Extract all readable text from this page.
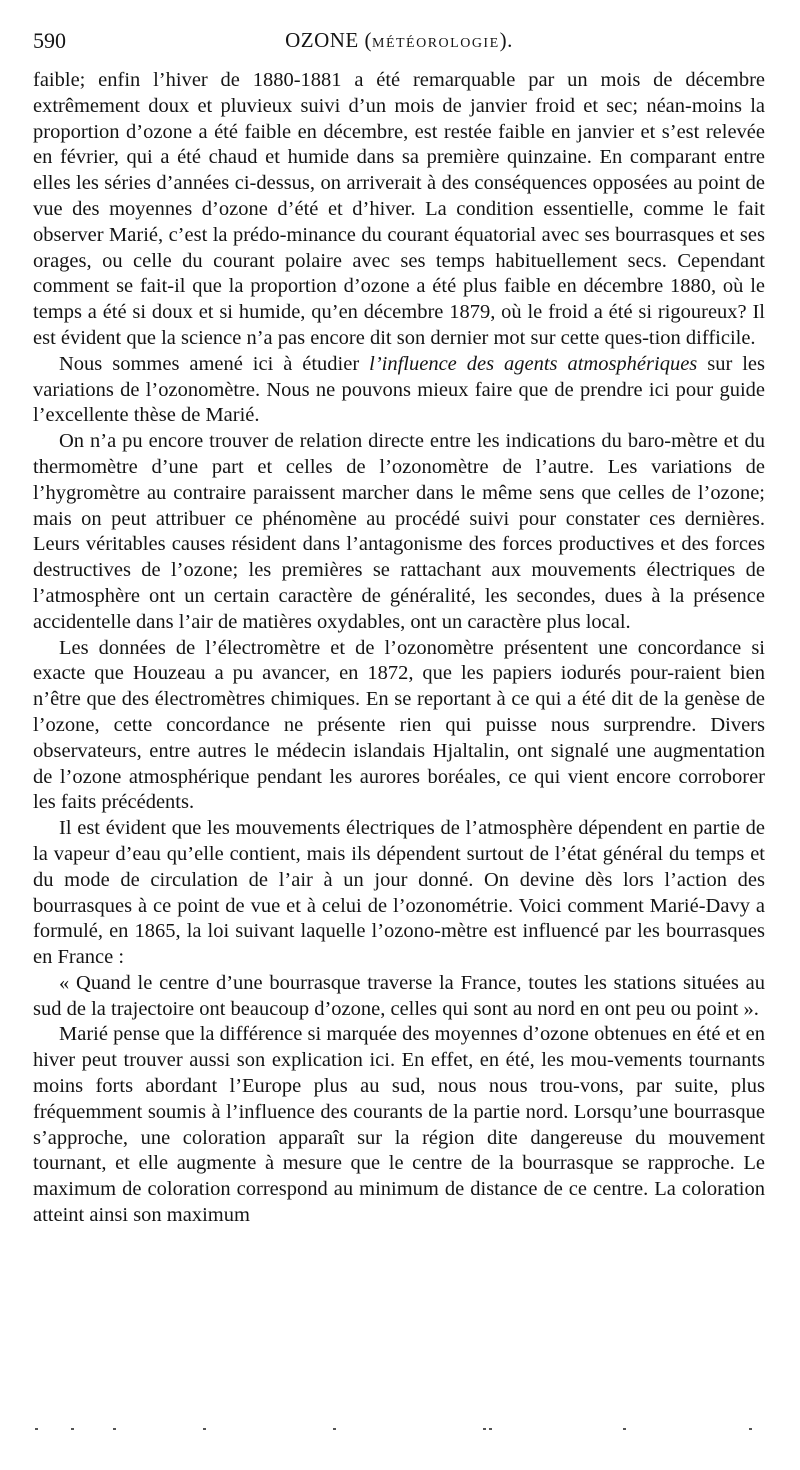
590	OZONE (MÉTÉOROLOGIE).

faible; enfin l’hiver de 1880-1881 a été remarquable par un mois de décembre extrêmement doux et pluvieux suivi d’un mois de janvier froid et sec; néan-moins la proportion d’ozone a été faible en décembre, est restée faible en janvier et s’est relevée en février, qui a été chaud et humide dans sa première quinzaine. En comparant entre elles les séries d’années ci-dessus, on arriverait à des conséquences opposées au point de vue des moyennes d’ozone d’été et d’hiver. La condition essentielle, comme le fait observer Marié, c’est la prédo-minance du courant équatorial avec ses bourrasques et ses orages, ou celle du courant polaire avec ses temps habituellement secs. Cependant comment se fait-il que la proportion d’ozone a été plus faible en décembre 1880, où le temps a été si doux et si humide, qu’en décembre 1879, où le froid a été si rigoureux? Il est évident que la science n’a pas encore dit son dernier mot sur cette ques-tion difficile.

Nous sommes amené ici à étudier l’influence des agents atmosphériques sur les variations de l’ozonomètre. Nous ne pouvons mieux faire que de prendre ici pour guide l’excellente thèse de Marié.

On n’a pu encore trouver de relation directe entre les indications du baro-mètre et du thermomètre d’une part et celles de l’ozonomètre de l’autre. Les variations de l’hygromètre au contraire paraissent marcher dans le même sens que celles de l’ozone; mais on peut attribuer ce phénomène au procédé suivi pour constater ces dernières. Leurs véritables causes résident dans l’antagonisme des forces productives et des forces destructives de l’ozone; les premières se rattachant aux mouvements électriques de l’atmosphère ont un certain caractère de généralité, les secondes, dues à la présence accidentelle dans l’air de matières oxydables, ont un caractère plus local.

Les données de l’électromètre et de l’ozonomètre présentent une concordance si exacte que Houzeau a pu avancer, en 1872, que les papiers iodurés pour-raient bien n’être que des électromètres chimiques. En se reportant à ce qui a été dit de la genèse de l’ozone, cette concordance ne présente rien qui puisse nous surprendre. Divers observateurs, entre autres le médecin islandais Hjaltalin, ont signalé une augmentation de l’ozone atmosphérique pendant les aurores boréales, ce qui vient encore corroborer les faits précédents.

Il est évident que les mouvements électriques de l’atmosphère dépendent en partie de la vapeur d’eau qu’elle contient, mais ils dépendent surtout de l’état général du temps et du mode de circulation de l’air à un jour donné. On devine dès lors l’action des bourrasques à ce point de vue et à celui de l’ozonométrie. Voici comment Marié-Davy a formulé, en 1865, la loi suivant laquelle l’ozono-mètre est influencé par les bourrasques en France :

« Quand le centre d’une bourrasque traverse la France, toutes les stations situées au sud de la trajectoire ont beaucoup d’ozone, celles qui sont au nord en ont peu ou point ».

Marié pense que la différence si marquée des moyennes d’ozone obtenues en été et en hiver peut trouver aussi son explication ici. En effet, en été, les mou-vements tournants moins forts abordant l’Europe plus au sud, nous nous trou-vons, par suite, plus fréquemment soumis à l’influence des courants de la partie nord. Lorsqu’une bourrasque s’approche, une coloration apparaît sur la région dite dangereuse du mouvement tournant, et elle augmente à mesure que le centre de la bourrasque se rapproche. Le maximum de coloration correspond au minimum de distance de ce centre. La coloration atteint ainsi son maximum
